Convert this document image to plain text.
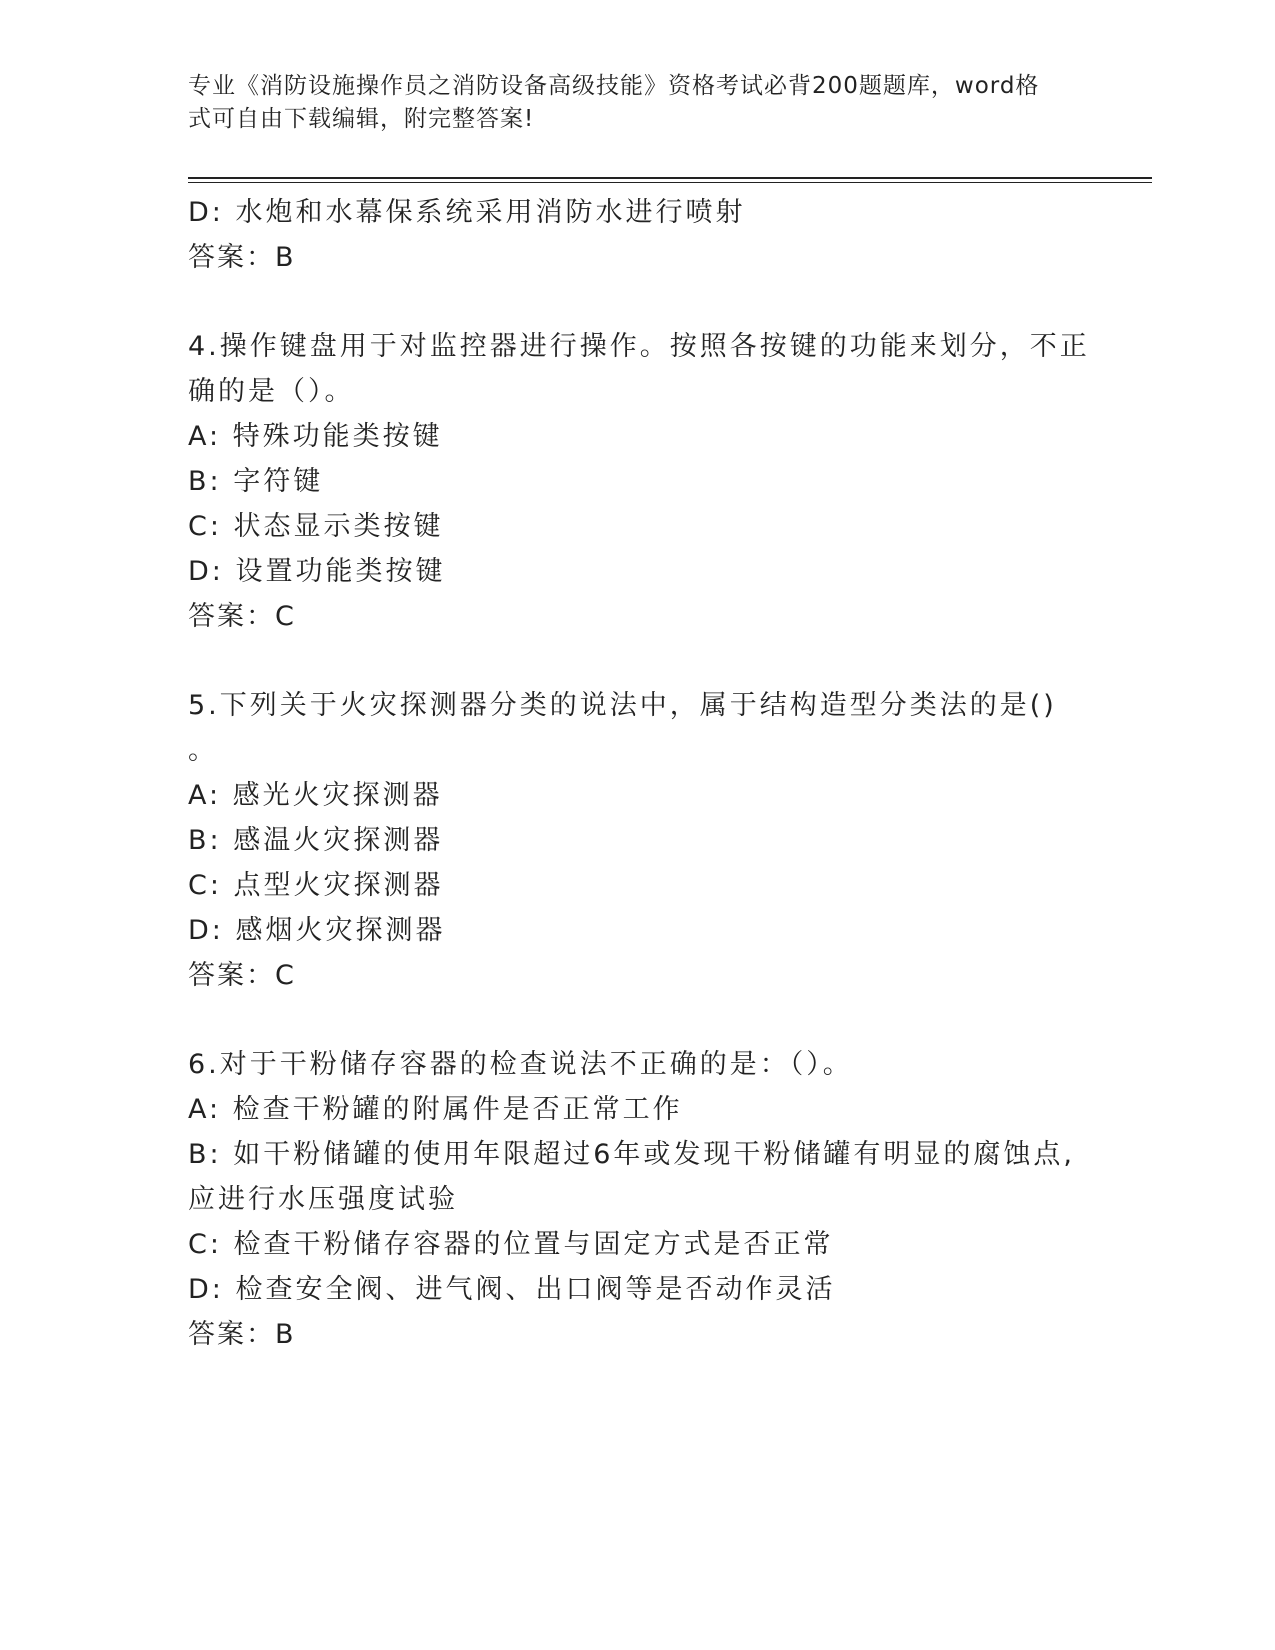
专业《消防设施操作员之消防设备高级技能》资格考试必背200题题库，word格

式可自由下载编辑，附完整答案!

D: 水炮和水幕保系统采用消防水进行喷射

答案：B

4.操作键盘用于对监控器进行操作。按照各按键的功能来划分，不正

确的是（）。

A: 特殊功能类按键

B: 字符键

C: 状态显示类按键

D: 设置功能类按键

答案：C

5.下列关于火灾探测器分类的说法中，属于结构造型分类法的是()

。

A: 感光火灾探测器

B: 感温火灾探测器

C: 点型火灾探测器

D: 感烟火灾探测器

答案：C

6.对于干粉储存容器的检查说法不正确的是：（）。

A: 检查干粉罐的附属件是否正常工作

B: 如干粉储罐的使用年限超过6年或发现干粉储罐有明显的腐蚀点,

应进行水压强度试验

C: 检查干粉储存容器的位置与固定方式是否正常

D: 检查安全阀、进气阀、出口阀等是否动作灵活

答案：B
